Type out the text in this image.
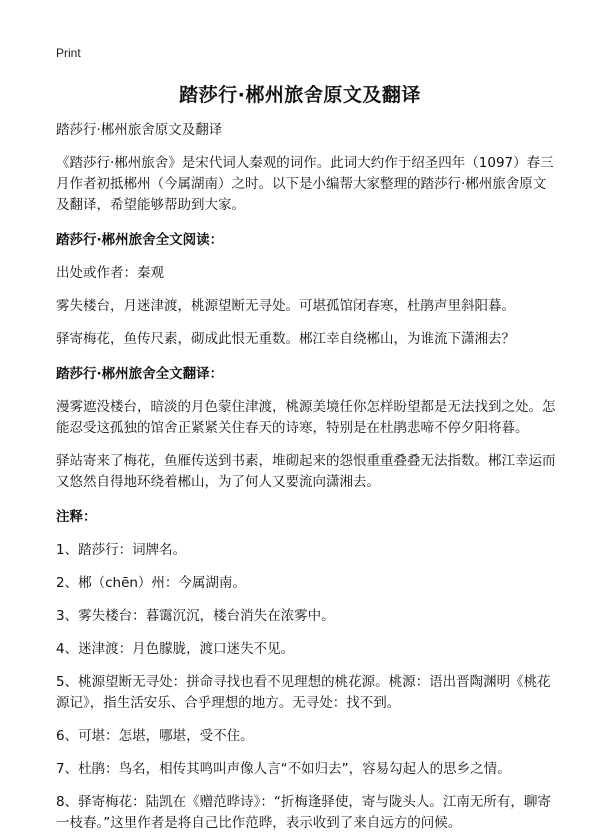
Print
踏莎行·郴州旅舍原文及翻译

踏莎行·郴州旅舍原文及翻译

《踏莎行·郴州旅舍》是宋代词人秦观的词作。此词大约作于绍圣四年（1097）春三月作者初抵郴州（今属湖南）之时。以下是小编帮大家整理的踏莎行·郴州旅舍原文及翻译，希望能够帮助到大家。

踏莎行·郴州旅舍全文阅读：

出处或作者：秦观

雾失楼台，月迷津渡，桃源望断无寻处。可堪孤馆闭春寒，杜鹃声里斜阳暮。

驿寄梅花，鱼传尺素，砌成此恨无重数。郴江幸自绕郴山，为谁流下潇湘去？

踏莎行·郴州旅舍全文翻译：

漫雾遮没楼台，暗淡的月色蒙住津渡，桃源美境任你怎样盼望都是无法找到之处。怎能忍受这孤独的馆舍正紧紧关住春天的诗寒，特别是在杜鹃悲啼不停夕阳将暮。

驿站寄来了梅花，鱼雁传送到书素，堆砌起来的怨恨重重叠叠无法指数。郴江幸运而又悠然自得地环绕着郴山，为了何人又要流向潇湘去。

注释：

1、踏莎行：词牌名。

2、郴（chēn）州：今属湖南。

3、雾失楼台：暮霭沉沉，楼台消失在浓雾中。

4、迷津渡：月色朦胧，渡口迷失不见。

5、桃源望断无寻处：拼命寻找也看不见理想的桃花源。桃源：语出晋陶渊明《桃花源记》，指生活安乐、合乎理想的地方。无寻处：找不到。

6、可堪：怎堪，哪堪，受不住。

7、杜鹃：鸟名，相传其鸣叫声像人言“不如归去”，容易勾起人的思乡之情。

8、驿寄梅花：陆凯在《赠范晔诗》：“折梅逢驿使，寄与陇头人。江南无所有，聊寄一枝春。”这里作者是将自己比作范晔，表示收到了来自远方的问候。
